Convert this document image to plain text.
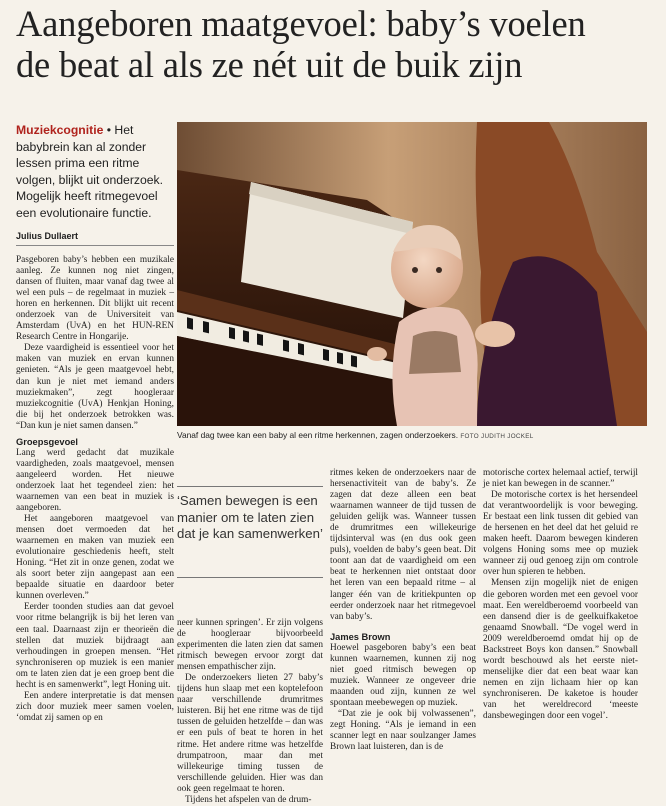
Aangeboren maatgevoel: baby’s voelen
de beat al als ze nét uit de buik zijn

Muziekcognitie • Het babybrein kan al zonder lessen prima een ritme volgen, blijkt uit onderzoek. Mogelijk heeft ritmegevoel een evolutionaire functie.

Julius Dullaert

Pasgeboren baby’s hebben een muzikale aanleg. Ze kunnen nog niet zingen, dansen of fluiten, maar vanaf dag twee al wel een puls – de regelmaat in muziek – horen en herkennen. Dit blijkt uit recent onderzoek van de Universiteit van Amsterdam (UvA) en het HUN-REN Research Centre in Hongarije.

Deze vaardigheid is essentieel voor het maken van muziek en ervan kunnen genieten. “Als je geen maatgevoel hebt, dan kun je niet met iemand anders muziekmaken”, zegt hoogleraar muziekcognitie (UvA) Henkjan Honing, die bij het onderzoek betrokken was. “Dan kun je niet samen dansen.”

Groepsgevoel

Lang werd gedacht dat muzikale vaardigheden, zoals maatgevoel, mensen aangeleerd worden. Het nieuwe onderzoek laat het tegendeel zien: het waarnemen van een beat in muziek is aangeboren.

Het aangeboren maatgevoel van mensen doet vermoeden dat het waarnemen en maken van muziek een evolutionaire geschiedenis heeft, stelt Honing. “Het zit in onze genen, zodat we als soort beter zijn aangepast aan een bepaalde situatie en daardoor beter kunnen overleven.”

Eerder toonden studies aan dat gevoel voor ritme belangrijk is bij het leren van een taal. Daarnaast zijn er theorieën die stellen dat muziek bijdraagt aan verhoudingen in groepen mensen. “Het synchroniseren op muziek is een manier om te laten zien dat je een groep bent die hecht is en samenwerkt”, legt Honing uit.

Een andere interpretatie is dat mensen zich door muziek meer samen voelen, ‘omdat zij samen op en

Vanaf dag twee kan een baby al een ritme herkennen, zagen onderzoekers. FOTO JUDITH JOCKEL
‘Samen bewegen is een manier om te laten zien dat je kan samenwerken’

neer kunnen springen’. Er zijn volgens de hoogleraar bijvoorbeeld experimenten die laten zien dat samen ritmisch bewegen ervoor zorgt dat mensen empathischer zijn.

De onderzoekers lieten 27 baby’s tijdens hun slaap met een koptelefoon naar verschillende drumritmes luisteren. Bij het ene ritme was de tijd tussen de geluiden hetzelfde – dan was er een puls of beat te horen in het ritme. Het andere ritme was hetzelfde drumpatroon, maar dan met willekeurige timing tussen de verschillende geluiden. Hier was dan ook geen regelmaat te horen.

Tijdens het afspelen van de drum-

ritmes keken de onderzoekers naar de hersenactiviteit van de baby’s. Ze zagen dat deze alleen een beat waarnamen wanneer de tijd tussen de geluiden gelijk was. Wanneer tussen de drumritmes een willekeurige tijdsinterval was (en dus ook geen puls), voelden de baby’s geen beat. Dit toont aan dat de vaardigheid om een beat te herkennen niet ontstaat door het leren van een bepaald ritme – al langer één van de kritiekpunten op eerder onderzoek naar het ritmegevoel van baby’s.

James Brown

Hoewel pasgeboren baby’s een beat kunnen waarnemen, kunnen zij nog niet goed ritmisch bewegen op muziek. Wanneer ze ongeveer drie maanden oud zijn, kunnen ze wel spontaan meebewegen op muziek.

“Dat zie je ook bij volwassenen”, zegt Honing. “Als je iemand in een scanner legt en naar soulzanger James Brown laat luisteren, dan is de

motorische cortex helemaal actief, terwijl je niet kan bewegen in de scanner.”

De motorische cortex is het hersendeel dat verantwoordelijk is voor beweging. Er bestaat een link tussen dit gebied van de hersenen en het deel dat het geluid re maken heeft. Daarom bewegen kinderen volgens Honing soms mee op muziek wanneer zij oud genoeg zijn om controle over hun spieren te hebben.

Mensen zijn mogelijk niet de enigen die geboren worden met een gevoel voor maat. Een wereldberoemd voorbeeld van een dansend dier is de geelkuifkaketoe genaamd Snowball. “De vogel werd in 2009 wereldberoemd omdat hij op de Backstreet Boys kon dansen.” Snowball wordt beschouwd als het eerste niet-menselijke dier dat een beat waar kan nemen en zijn lichaam hier op kan synchroniseren. De kaketoe is houder van het wereldrecord ‘meeste dansbewegingen door een vogel’.
